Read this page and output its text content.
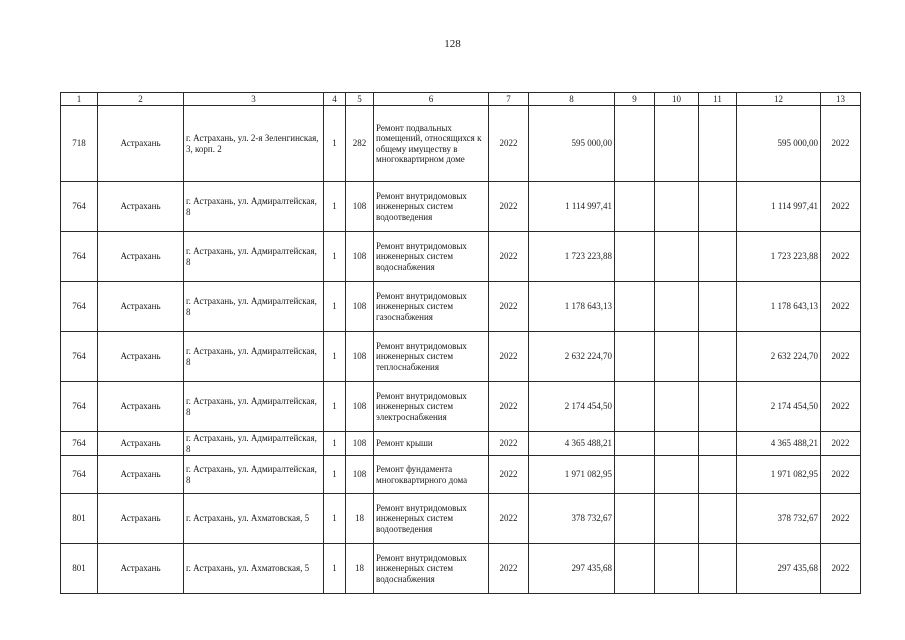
128
1	2	3	4	5	6	7	8	9	10	11	12	13
718	Астрахань	г. Астрахань, ул. 2-я Зеленгинская, 3, корп. 2	1	282	Ремонт подвальных помещений, относящихся к общему имуществу в многоквартирном доме	2022	595 000,00				595 000,00	2022
764	Астрахань	г. Астрахань, ул. Адмиралтейская, 8	1	108	Ремонт внутридомовых инженерных систем водоотведения	2022	1 114 997,41				1 114 997,41	2022
764	Астрахань	г. Астрахань, ул. Адмиралтейская, 8	1	108	Ремонт внутридомовых инженерных систем водоснабжения	2022	1 723 223,88				1 723 223,88	2022
764	Астрахань	г. Астрахань, ул. Адмиралтейская, 8	1	108	Ремонт внутридомовых инженерных систем газоснабжения	2022	1 178 643,13				1 178 643,13	2022
764	Астрахань	г. Астрахань, ул. Адмиралтейская, 8	1	108	Ремонт внутридомовых инженерных систем теплоснабжения	2022	2 632 224,70				2 632 224,70	2022
764	Астрахань	г. Астрахань, ул. Адмиралтейская, 8	1	108	Ремонт внутридомовых инженерных систем электроснабжения	2022	2 174 454,50				2 174 454,50	2022
764	Астрахань	г. Астрахань, ул. Адмиралтейская, 8	1	108	Ремонт крыши	2022	4 365 488,21				4 365 488,21	2022
764	Астрахань	г. Астрахань, ул. Адмиралтейская, 8	1	108	Ремонт фундамента многоквартирного дома	2022	1 971 082,95				1 971 082,95	2022
801	Астрахань	г. Астрахань, ул. Ахматовская, 5	1	18	Ремонт внутридомовых инженерных систем водоотведения	2022	378 732,67				378 732,67	2022
801	Астрахань	г. Астрахань, ул. Ахматовская, 5	1	18	Ремонт внутридомовых инженерных систем водоснабжения	2022	297 435,68				297 435,68	2022
